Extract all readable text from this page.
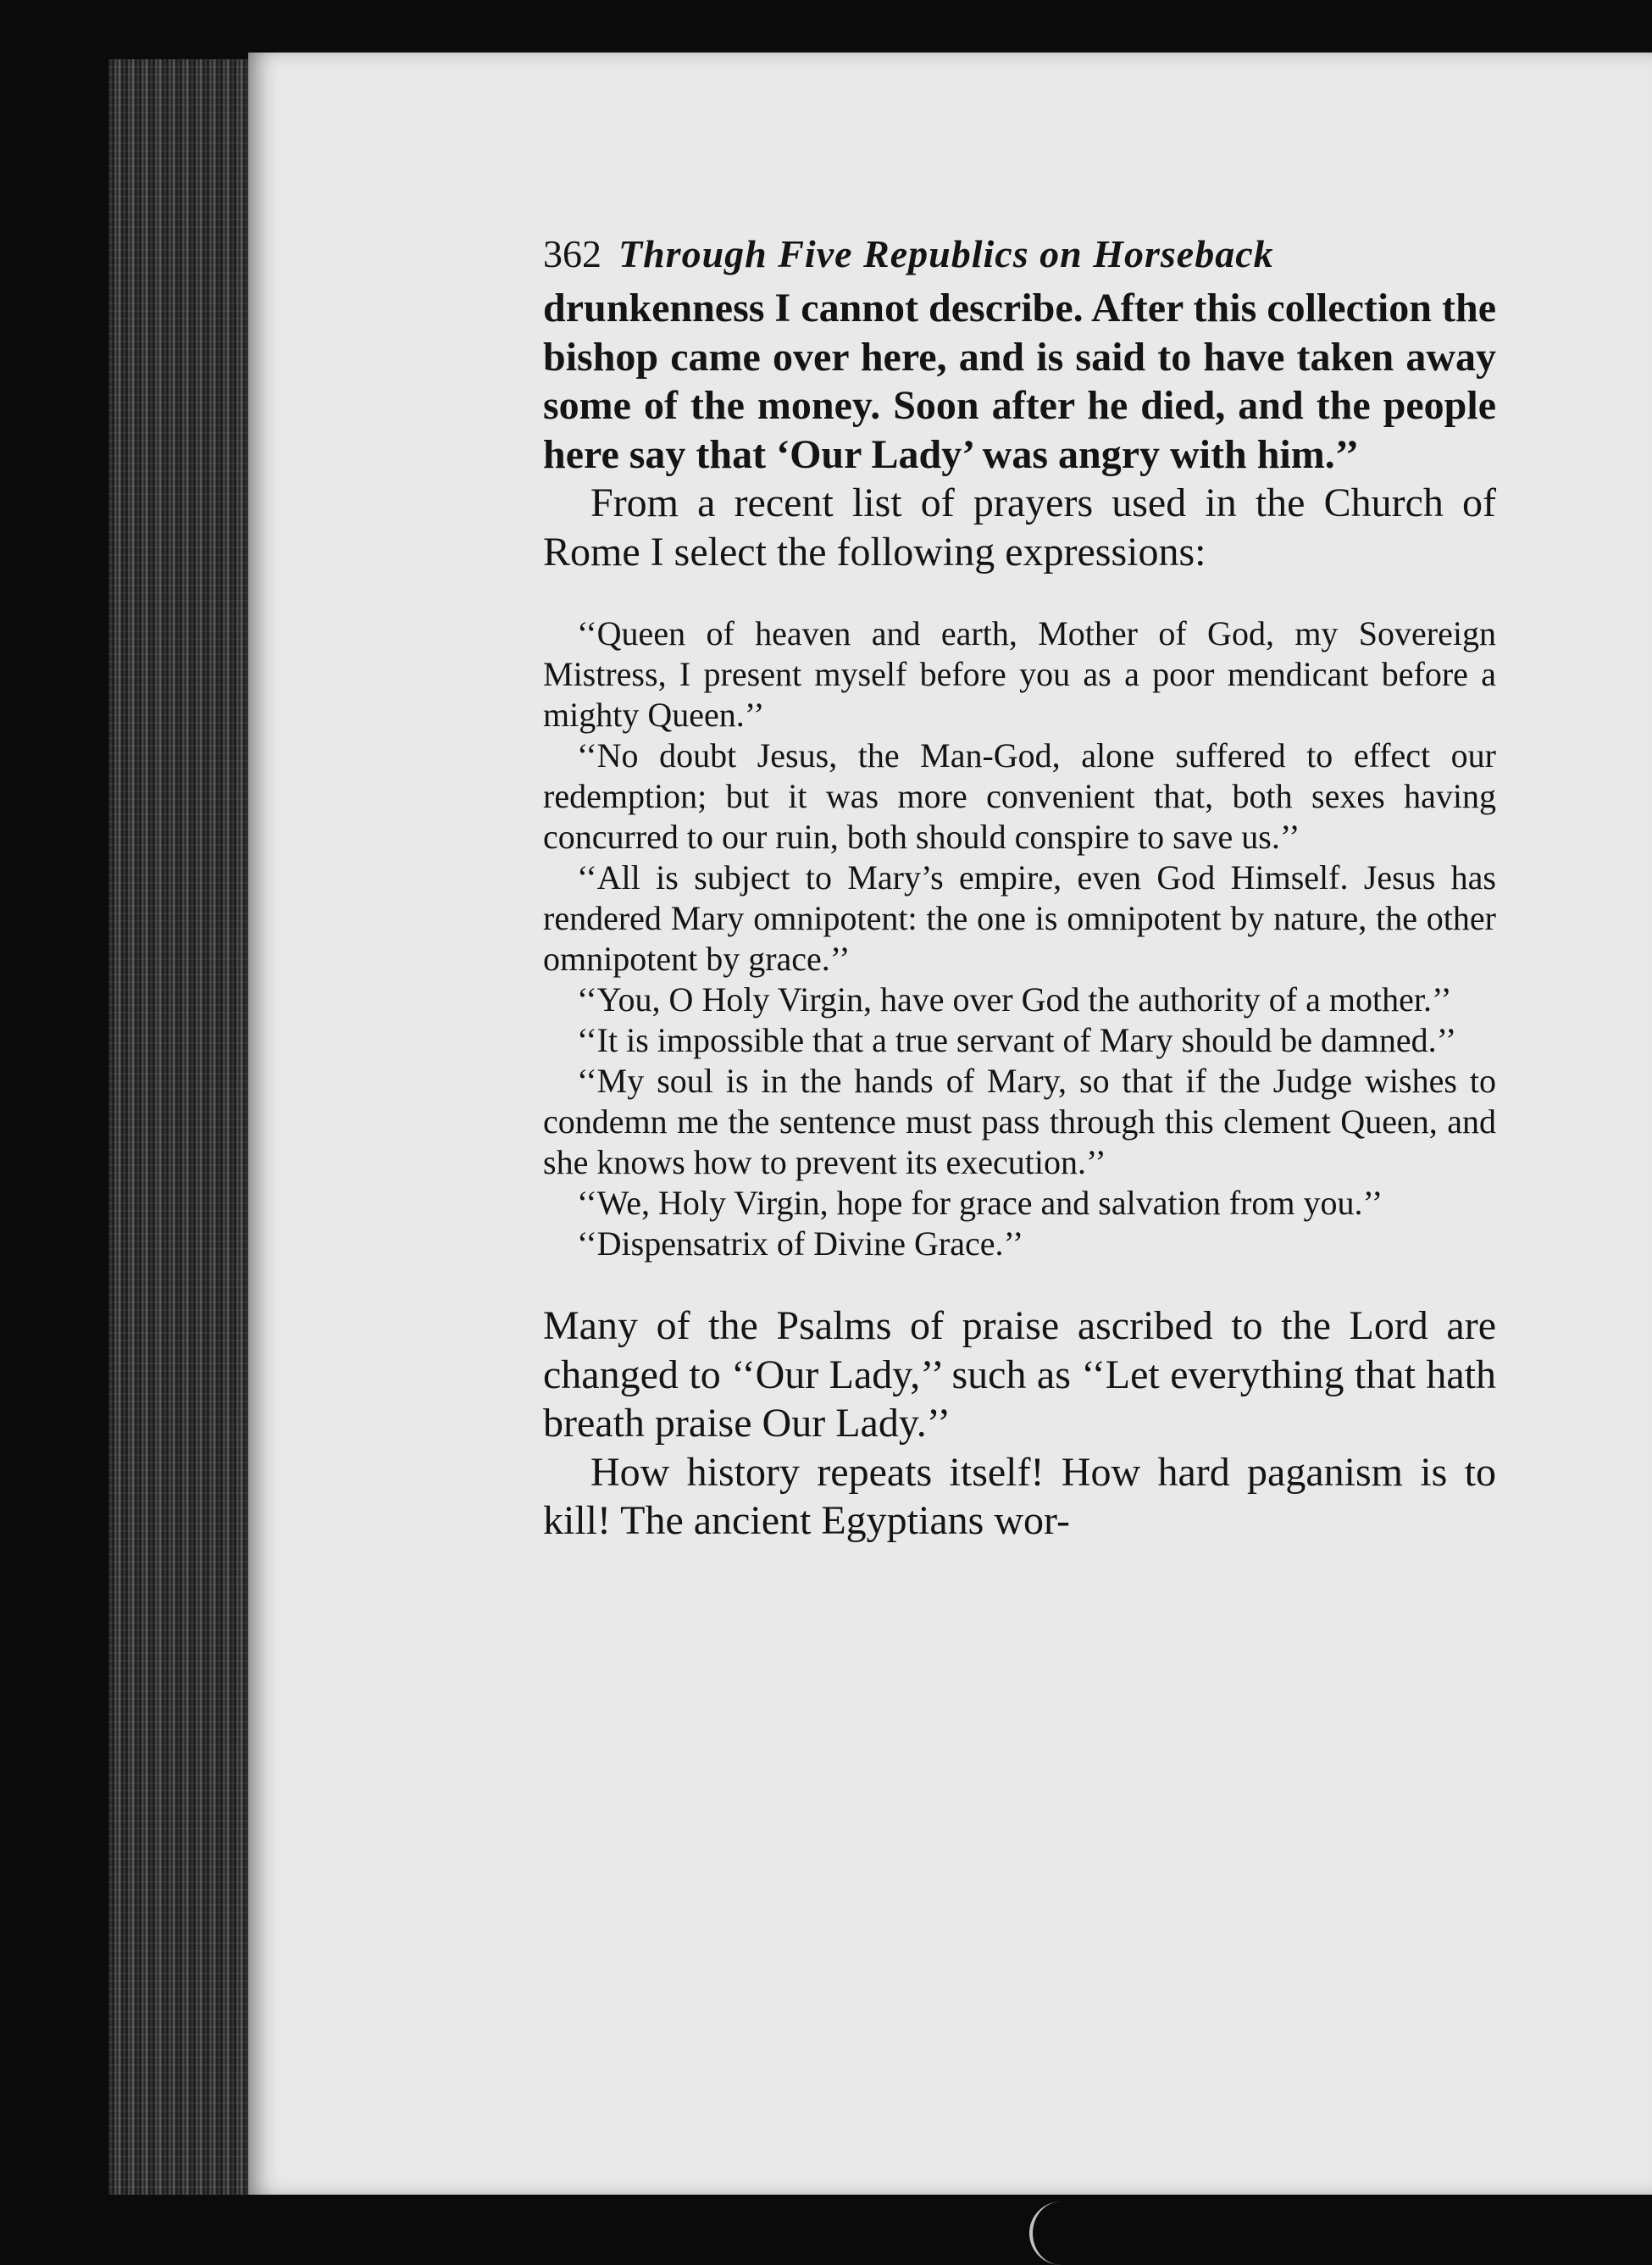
362 Through Five Republics on Horseback

drunkenness I cannot describe. After this collection the bishop came over here, and is said to have taken away some of the money. Soon after he died, and the people here say that ‘Our Lady’ was angry with him.’’

From a recent list of prayers used in the Church of Rome I select the following expressions:

‘‘Queen of heaven and earth, Mother of God, my Sovereign Mistress, I present myself before you as a poor mendicant before a mighty Queen.’’

‘‘No doubt Jesus, the Man-God, alone suffered to effect our redemption; but it was more convenient that, both sexes having concurred to our ruin, both should conspire to save us.’’

‘‘All is subject to Mary’s empire, even God Himself. Jesus has rendered Mary omnipotent: the one is omnipotent by nature, the other omnipotent by grace.’’

‘‘You, O Holy Virgin, have over God the authority of a mother.’’

‘‘It is impossible that a true servant of Mary should be damned.’’

‘‘My soul is in the hands of Mary, so that if the Judge wishes to condemn me the sentence must pass through this clement Queen, and she knows how to prevent its execution.’’

‘‘We, Holy Virgin, hope for grace and salvation from you.’’

‘‘Dispensatrix of Divine Grace.’’

Many of the Psalms of praise ascribed to the Lord are changed to ‘‘Our Lady,’’ such as ‘‘Let everything that hath breath praise Our Lady.’’

How history repeats itself! How hard paganism is to kill! The ancient Egyptians wor-
